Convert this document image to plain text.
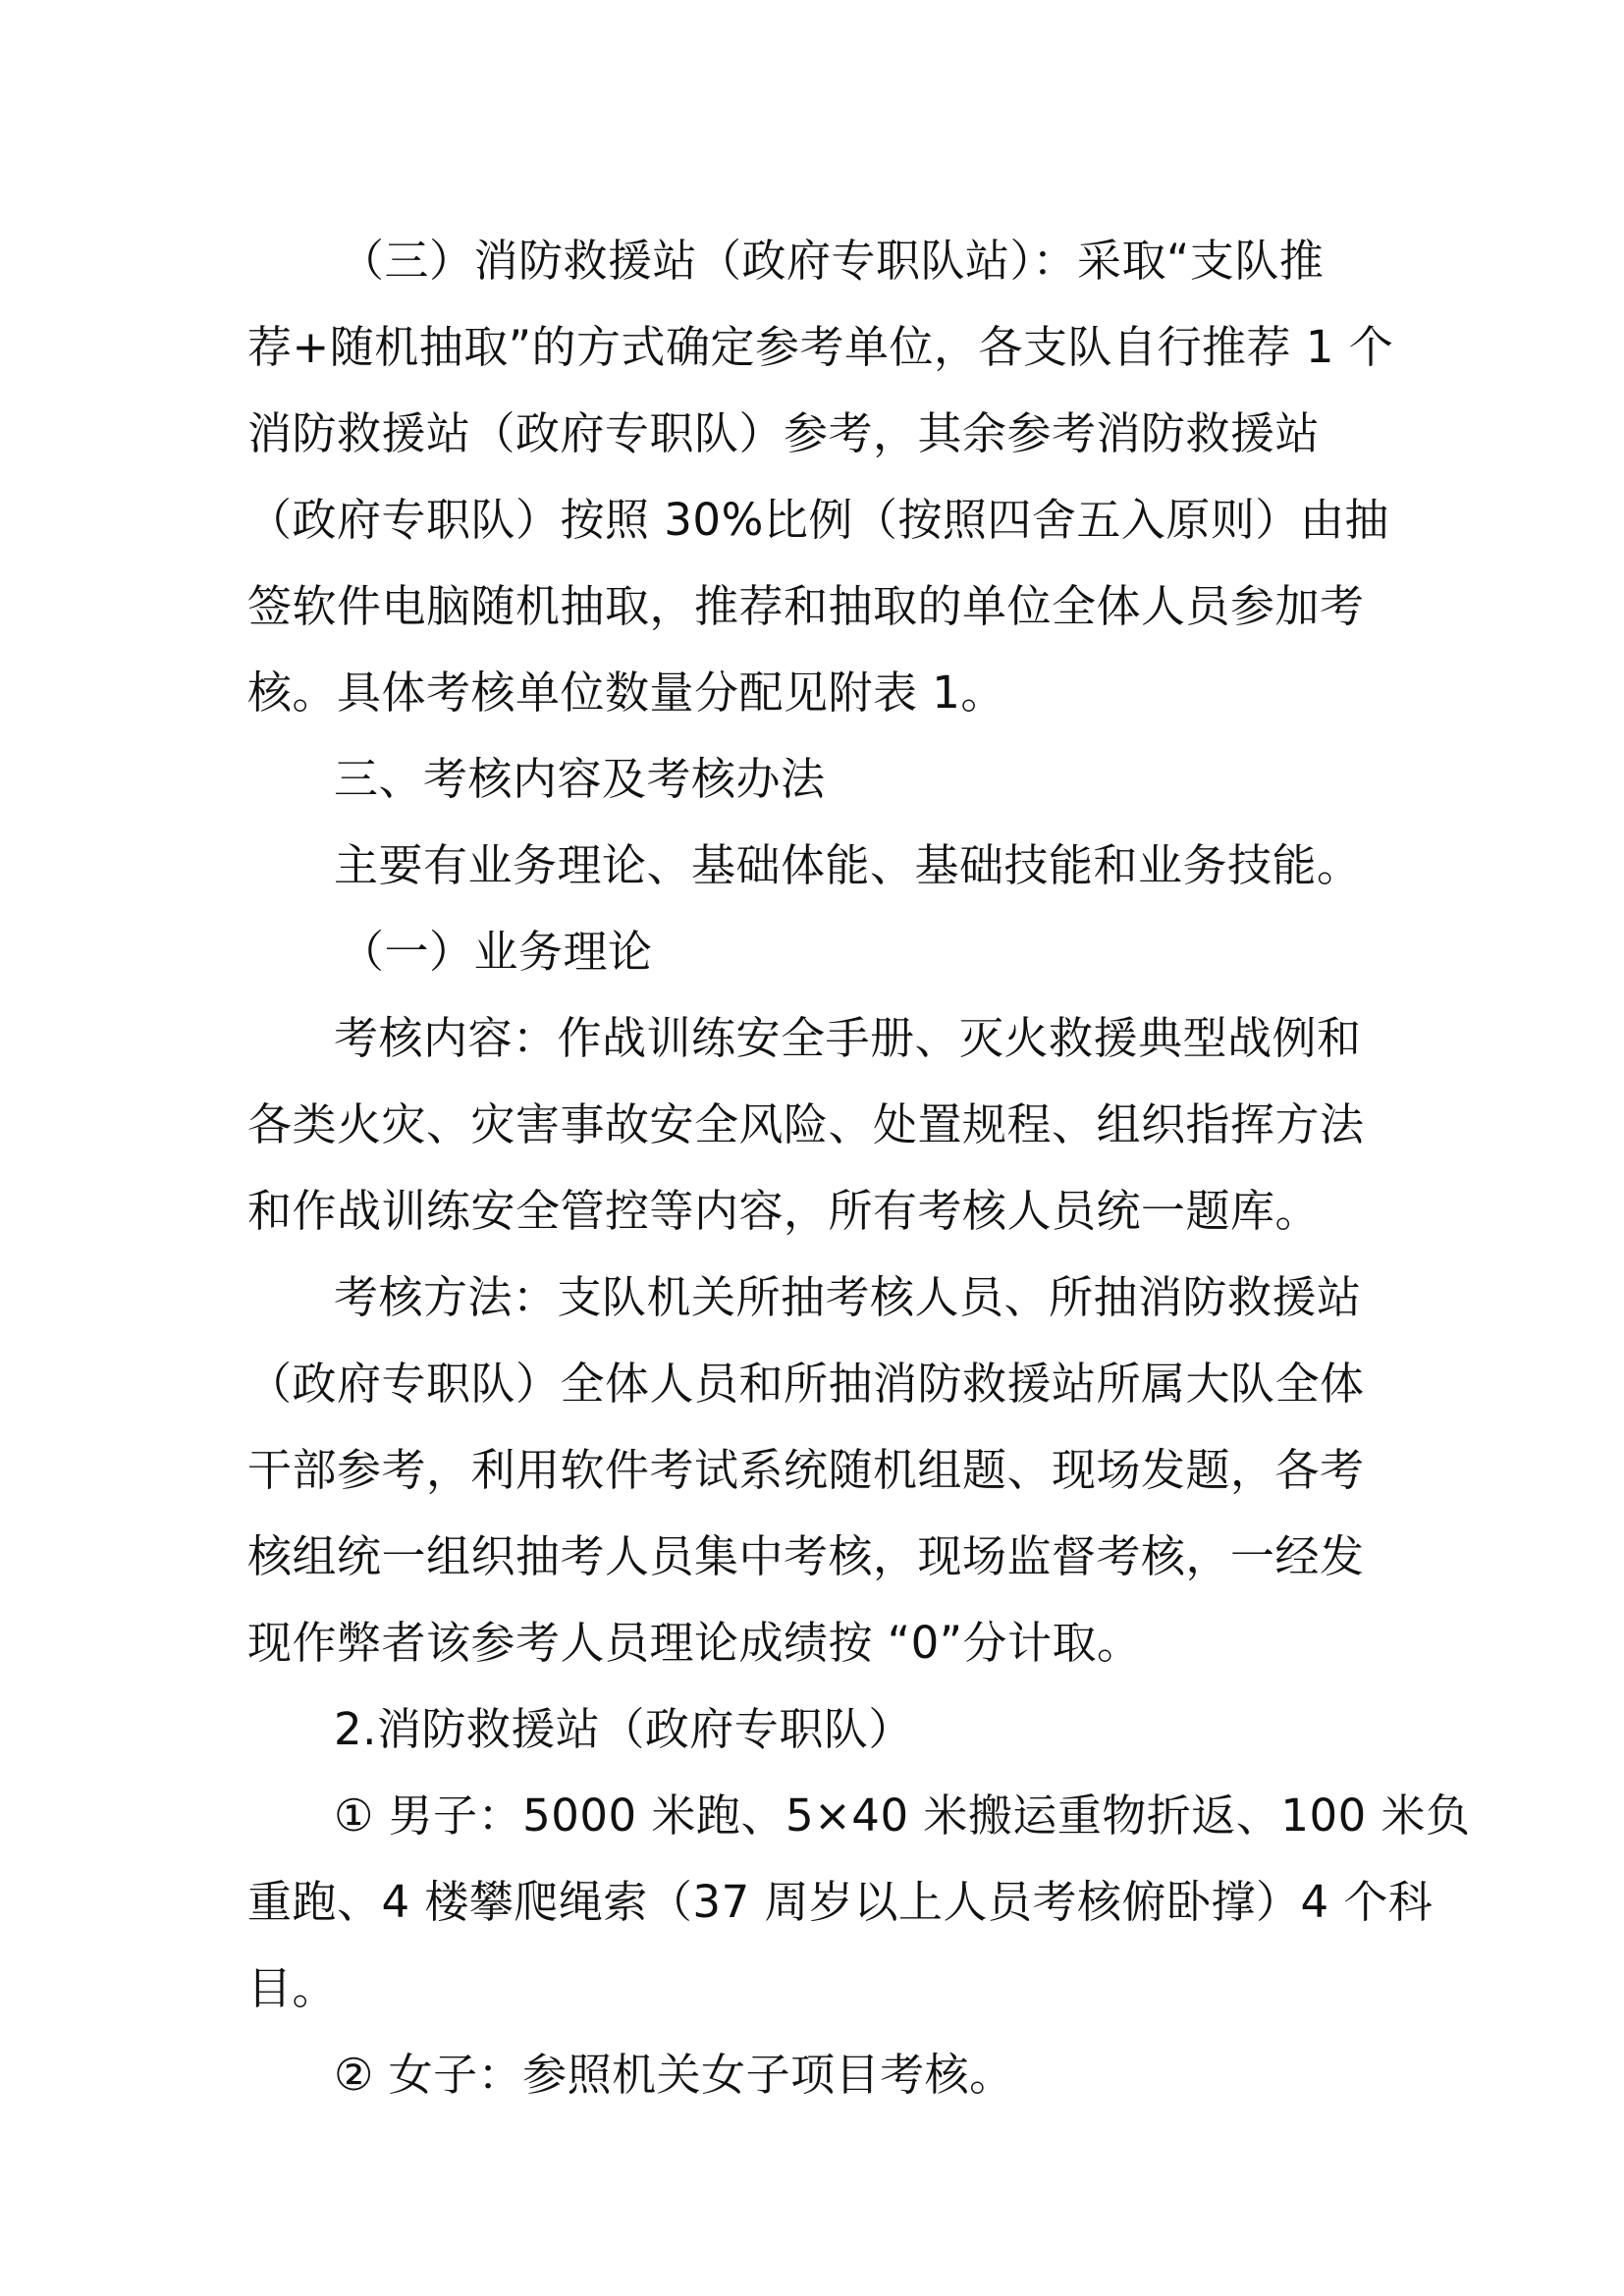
（三）消防救援站（政府专职队站）：采取“支队推
荐+随机抽取”的方式确定参考单位，各支队自行推荐 1 个
消防救援站（政府专职队）参考，其余参考消防救援站
（政府专职队）按照 30%比例（按照四舍五入原则）由抽
签软件电脑随机抽取，推荐和抽取的单位全体人员参加考
核。具体考核单位数量分配见附表 1。
三、考核内容及考核办法
主要有业务理论、基础体能、基础技能和业务技能。
（一）业务理论
考核内容：作战训练安全手册、灭火救援典型战例和
各类火灾、灾害事故安全风险、处置规程、组织指挥方法
和作战训练安全管控等内容，所有考核人员统一题库。
考核方法：支队机关所抽考核人员、所抽消防救援站
（政府专职队）全体人员和所抽消防救援站所属大队全体
干部参考，利用软件考试系统随机组题、现场发题，各考
核组统一组织抽考人员集中考核，现场监督考核，一经发
现作弊者该参考人员理论成绩按 “0”分计取。
2.消防救援站（政府专职队）
① 男子：5000 米跑、5×40 米搬运重物折返、100 米负
重跑、4 楼攀爬绳索（37 周岁以上人员考核俯卧撑）4 个科
目。
② 女子：参照机关女子项目考核。
